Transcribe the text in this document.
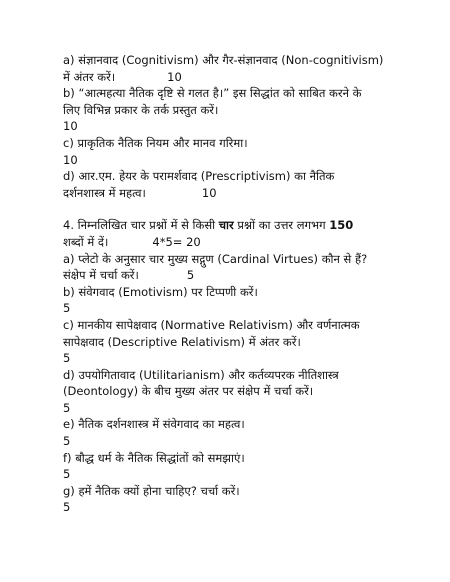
a) संज्ञानवाद (Cognitivism) और गैर-संज्ञानवाद (Non-cognitivism)
में अंतर करें।	10
b) “आत्महत्या नैतिक दृष्टि से गलत है।” इस सिद्धांत को साबित करने के
लिए विभिन्न प्रकार के तर्क प्रस्तुत करें।
10
c) प्राकृतिक नैतिक नियम और मानव गरिमा।
10
d) आर.एम. हेयर के परामर्शवाद (Prescriptivism) का नैतिक
दर्शनशास्त्र में महत्व।	10
4. निम्नलिखित चार प्रश्नों में से किसी चार प्रश्नों का उत्तर लगभग 150
शब्दों में दें।	4*5= 20
a) प्लेटो के अनुसार चार मुख्य सद्गुण (Cardinal Virtues) कौन से हैं?
संक्षेप में चर्चा करें।	5
b) संवेगवाद (Emotivism) पर टिप्पणी करें।
5
c) मानकीय सापेक्षवाद (Normative Relativism) और वर्णनात्मक
सापेक्षवाद (Descriptive Relativism) में अंतर करें।
5
d) उपयोगितावाद (Utilitarianism) और कर्तव्यपरक नीतिशास्त्र
(Deontology) के बीच मुख्य अंतर पर संक्षेप में चर्चा करें।
5
e) नैतिक दर्शनशास्त्र में संवेगवाद का महत्व।
5
f) बौद्ध धर्म के नैतिक सिद्धांतों को समझाएं।
5
g) हमें नैतिक क्यों होना चाहिए? चर्चा करें।
5
